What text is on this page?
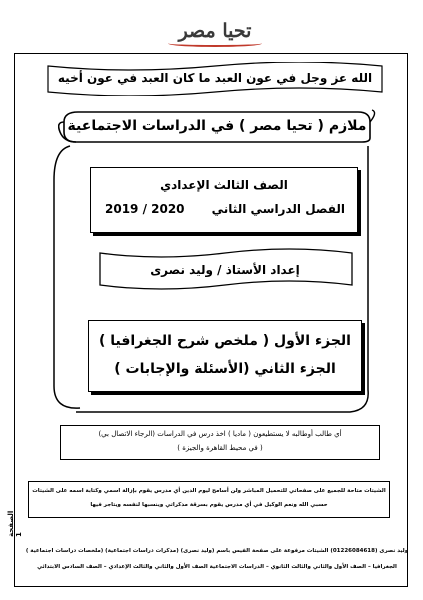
تحيا مصر
الله عز وجل في عون العبد ما كان العبد في عون أخيه
ملازم ( تحيا مصر ) في الدراسات الاجتماعية
الصف الثالث الإعدادي
2019 / 2020 الفصل الدراسي الثاني
إعداد الأستاذ / وليد نصرى
الجزء الأول ( ملخص شرح الجغرافيا )
الجزء الثاني (الأسئلة والإجابات )
أي طالب أوطالبه لا يستطيعون ( ماديا ) اخذ درس في الدراسات (الرجاء الاتصال بي)
( في محيط القاهرة والجيزة )
الشيتات متاحة للجميع على صفحاتي للتحميل المباشر ولن أسامح ليوم الدين أي مدرس يقوم بإزالة اسمي وكتابة اسمه على الشيتات
حسبي الله ونعم الوكيل في أي مدرس يقوم بسرقة مذكراتي وينسبها لنفسه ويتاجر فيها
الصفحة 1
وليد نصرى (01226084618) الشيتات مرفوعة على صفحة الفيس باسم (وليد نصرى) (مذكرات دراسات اجتماعية) (ملخصات دراسات اجتماعية )
الجغرافيا – الصف الأول والثاني والثالث الثانوي – الدراسات الاجتماعية الصف الأول والثاني والثالث الإعدادي – الصف السادس الابتدائي
